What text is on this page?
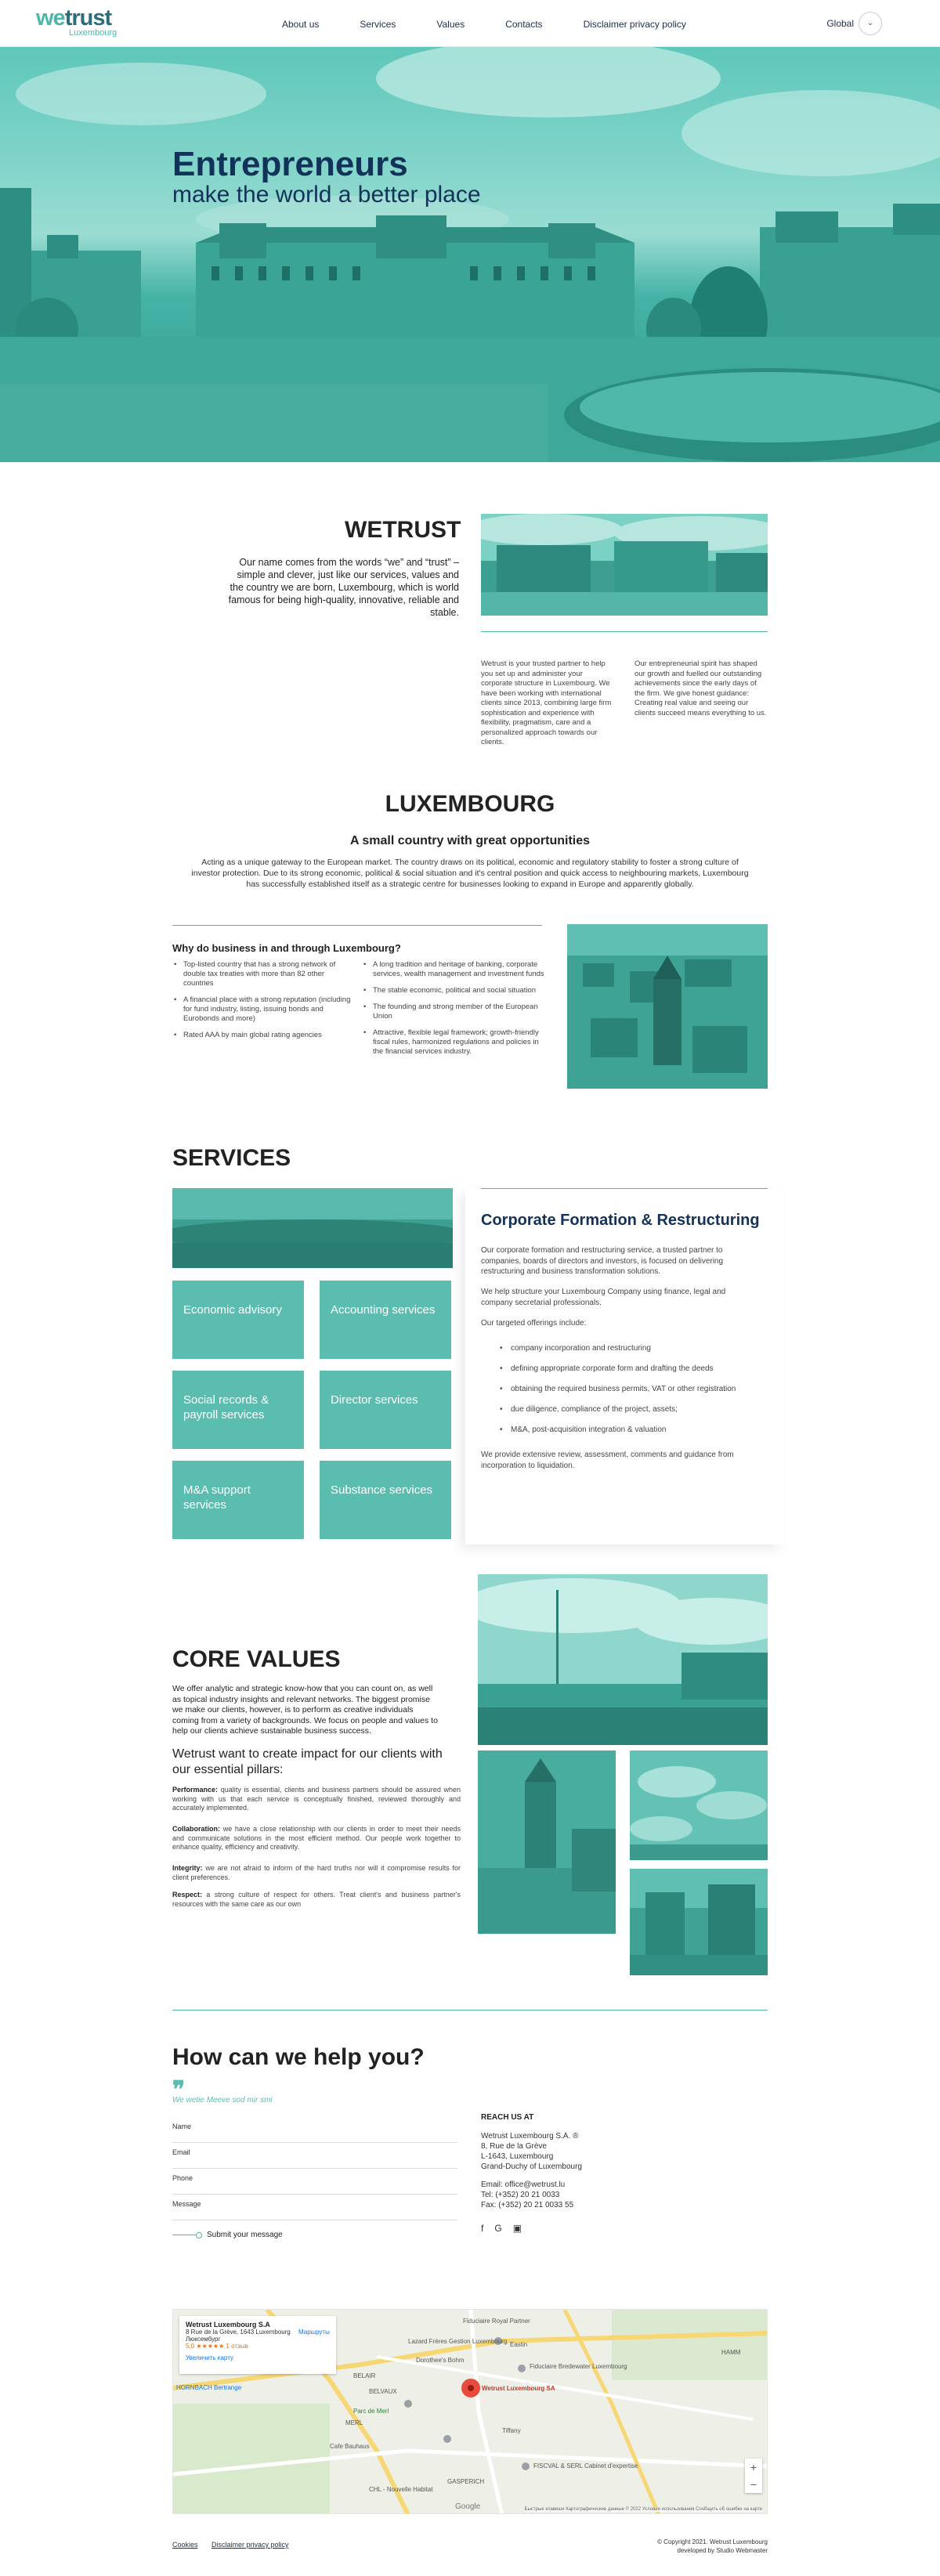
wetrust
Luxembourg
About us	Services	Values	Contacts	Disclaimer privacy policy	Global	⌄
Entrepreneurs
make the world a better place
WETRUST
Our name comes from the words “we” and “trust” – simple and clever, just like our services, values and the country we are born, Luxembourg, which is world famous for being high-quality, innovative, reliable and stable.
Wetrust is your trusted partner to help you set up and administer your corporate structure in Luxembourg. We have been working with international clients since 2013, combining large firm sophistication and experience with flexibility, pragmatism, care and a personalized approach towards our clients.
Our entrepreneurial spirit has shaped our growth and fuelled our outstanding achievements since the early days of the firm. We give honest guidance: Creating real value and seeing our clients succeed means everything to us.
LUXEMBOURG
A small country with great opportunities
Acting as a unique gateway to the European market. The country draws on its political, economic and regulatory stability to foster a strong culture of investor protection. Due to its strong economic, political & social situation and it's central position and quick access to neighbouring markets, Luxembourg has successfully established itself as a strategic centre for businesses looking to expand in Europe and apparently globally.
Why do business in and through Luxembourg?
• Top-listed country that has a strong network of double tax treaties with more than 82 other countries
• A financial place with a strong reputation (including for fund industry, listing, issuing bonds and Eurobonds and more)
• Rated AAA by main global rating agencies
• A long tradition and heritage of banking, corporate services, wealth management and investment funds
• The stable economic, political and social situation
• The founding and strong member of the European Union
• Attractive, flexible legal framework; growth-friendly fiscal rules, harmonized regulations and policies in the financial services industry.
SERVICES
Economic advisory	Accounting services
Social records & payroll services
Director services
M&A support services
Substance services
Corporate Formation & Restructuring

Our corporate formation and restructuring service, a trusted partner to companies, boards of directors and investors, is focused on delivering restructuring and business transformation solutions.

We help structure your Luxembourg Company using finance, legal and company secretarial professionals.

Our targeted offerings include:

• company incorporation and restructuring
• defining appropriate corporate form and drafting the deeds
• obtaining the required business permits, VAT or other registration
• due diligence, compliance of the project, assets;
• M&A, post-acquisition integration & valuation

We provide extensive review, assessment, comments and guidance from incorporation to liquidation.

CORE VALUES
We offer analytic and strategic know-how that you can count on, as well as topical industry insights and relevant networks. The biggest promise we make our clients, however, is to perform as creative individuals coming from a variety of backgrounds. We focus on people and values to help our clients achieve sustainable business success.
Wetrust want to create impact for our clients with our essential pillars:
Performance: quality is essential, clients and business partners should be assured when working with us that each service is conceptually finished, reviewed thoroughly and accurately implemented.
Collaboration: we have a close relationship with our clients in order to meet their needs and communicate solutions in the most efficient method. Our people work together to enhance quality, efficiency and creativity.
Integrity: we are not afraid to inform of the hard truths nor will it compromise results for client preferences.
Respect: a strong culture of respect for others. Treat client's and business partner's resources with the same care as our own
How can we help you?
❞
We wetie Meeve sod mir smi
Name
Email
Phone
Message
Submit your message
REACH US AT
Wetrust Luxembourg S.A. ®
8, Rue de la Grève
L-1643, Luxembourg
Grand-Duchy of Luxembourg
Email: office@wetrust.lu
Tel: (+352) 20 21 0033
Fax: (+352) 20 21 0033 55
f G ▣
Wetrust Luxembourg S.A
8 Rue de la Grève, 1643 Luxembourg
Люксембург
5,0 ★★★★★ 1 отзыв
Увеличить карту
Маршруты
Fiduciaire Royal Partner
Lazard Frères Gestion Luxembourg
Dorothee's Bohm
BELAIR
MERL
BELVAUX
HORNBACH Bertrange
Parc de Merl
Fiduciaire Bredewater Luxembourg
Eastin
Wetrust Luxembourg SA
HAMM
Cafe Bauhaus
CHL - Nouvelle Habitat
FISCVAL & SERL Cabinet d'expertise
Tiffany
GASPERICH
Google
+
−
Быстрые клавиши Картографические данные © 2022 Условия использования Сообщить об ошибке на карте
Cookies Disclaimer privacy policy	© Copyright 2021. Wetrust Luxembourg
developed by Studio Webmaster
